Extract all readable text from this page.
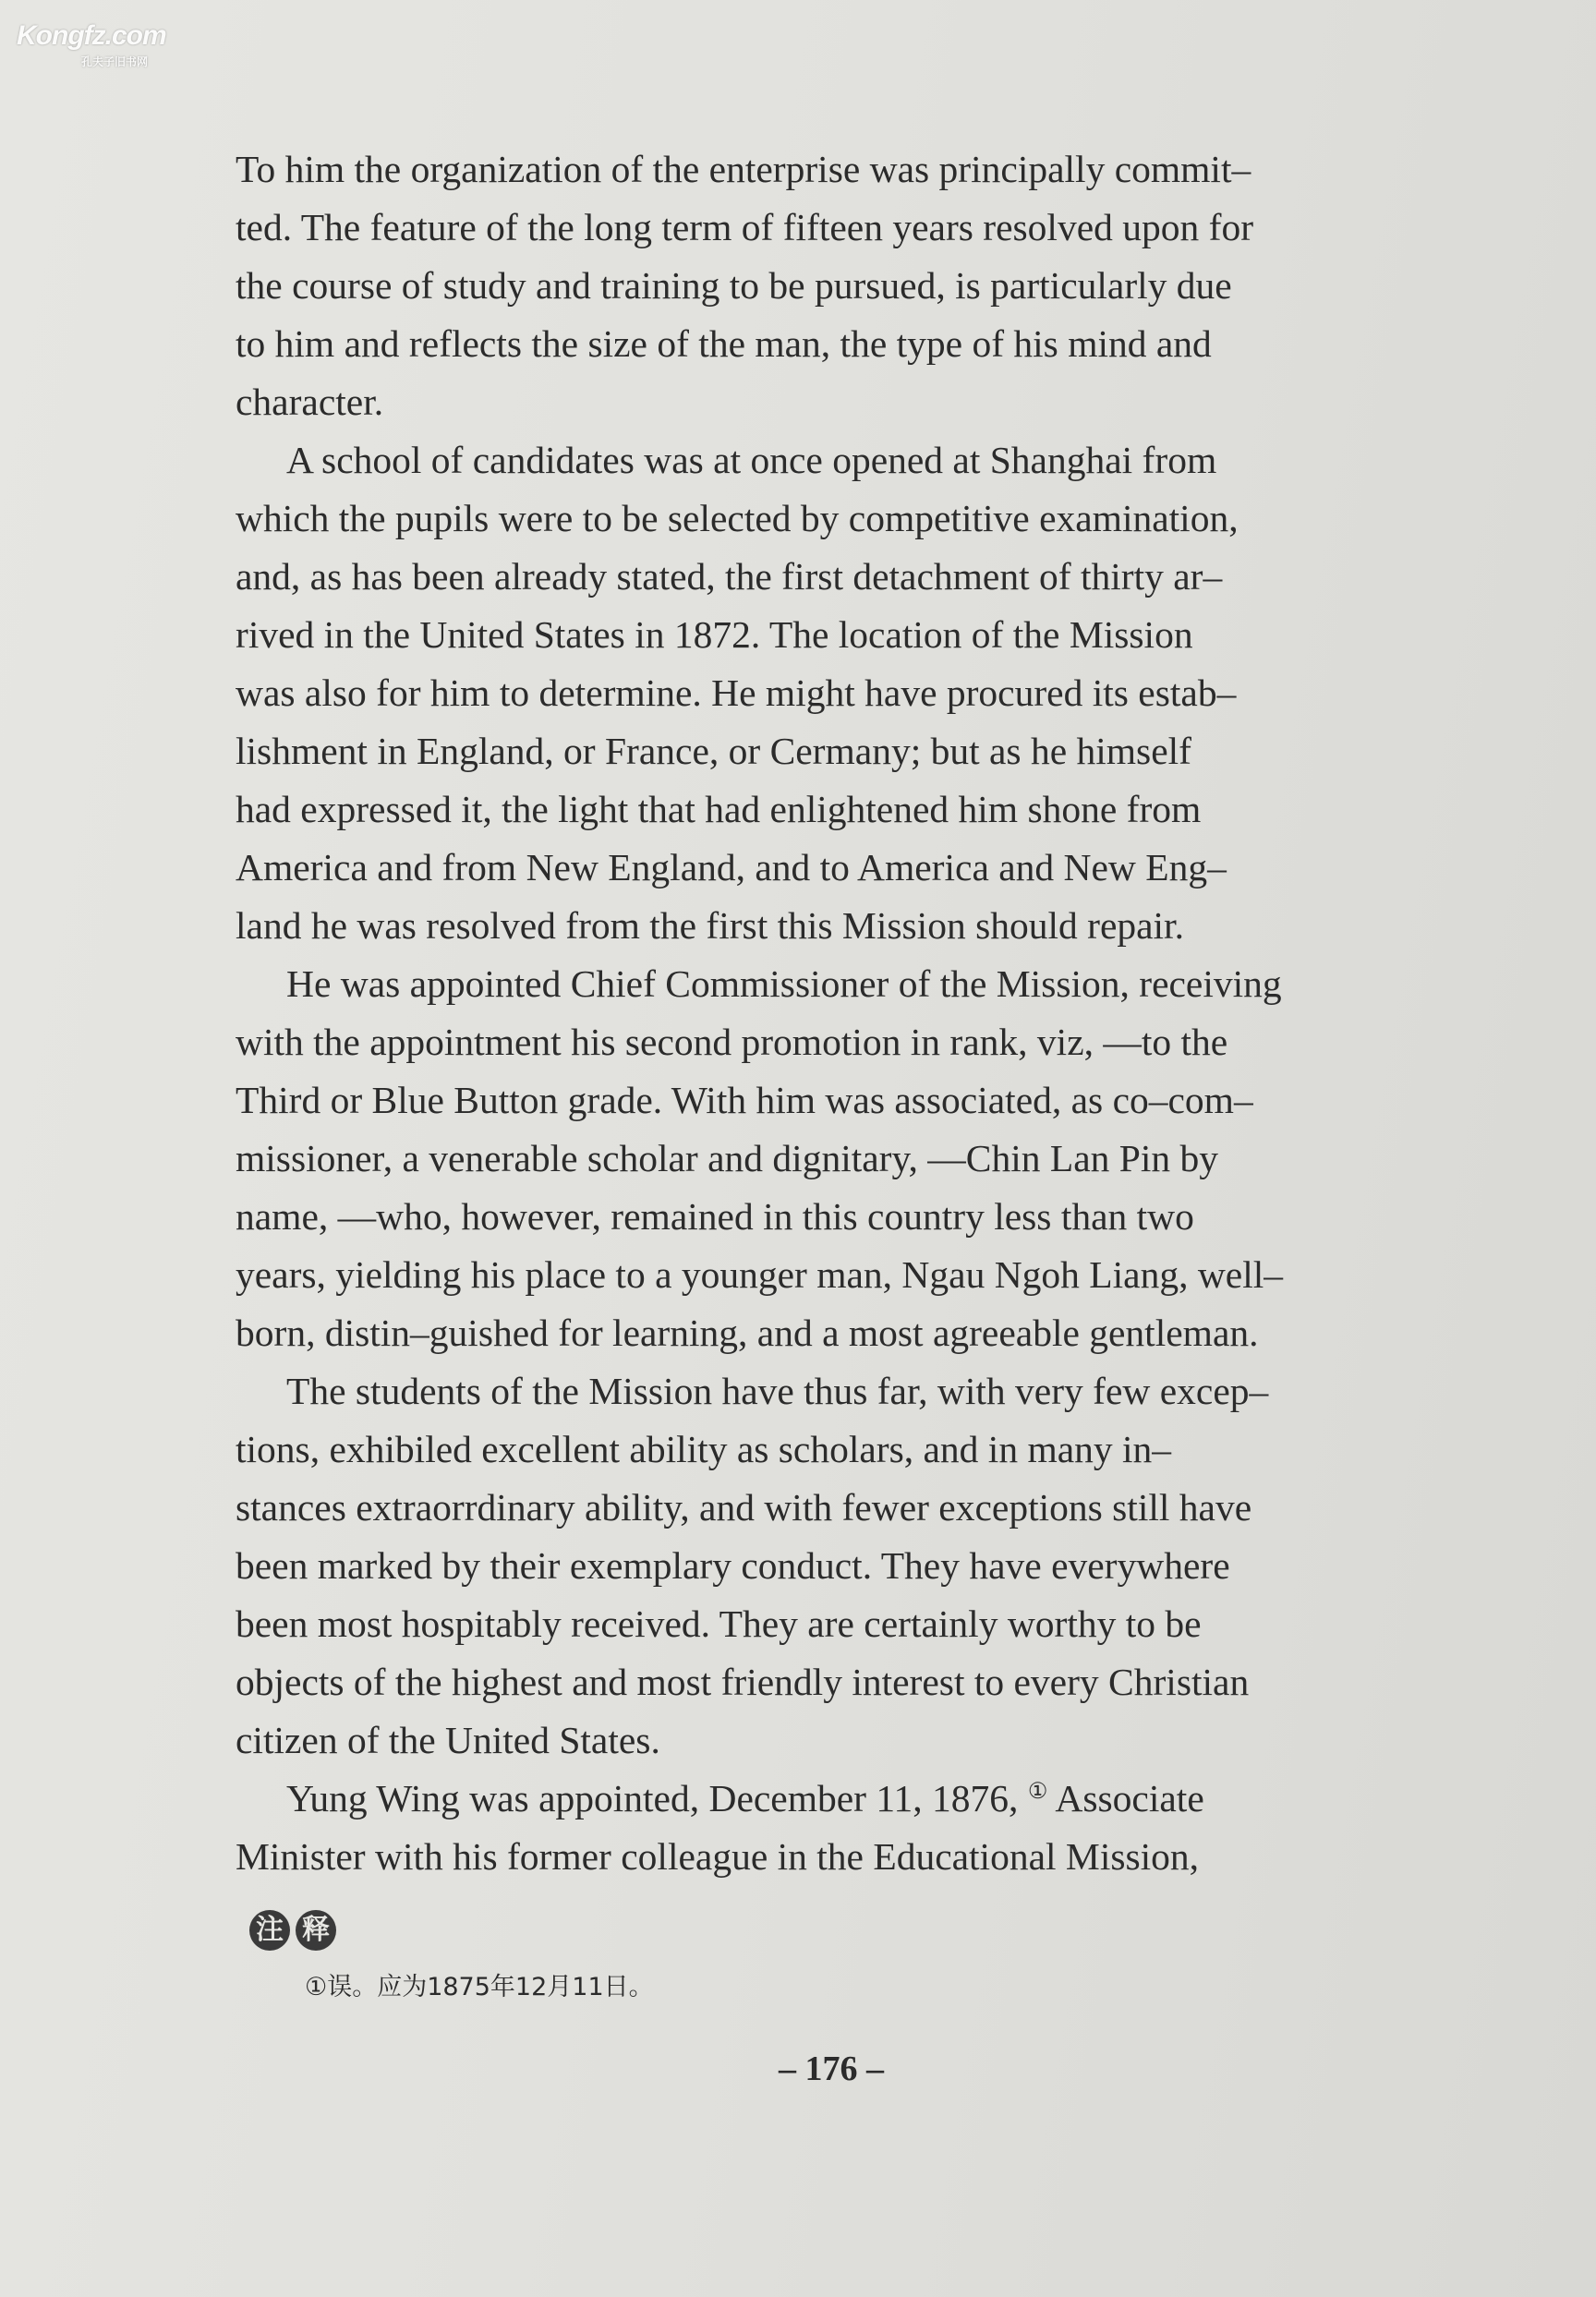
Kongfz.com
孔夫子旧书网

To him the organization of the enterprise was principally commit–
ted. The feature of the long term of fifteen years resolved upon for
the course of study and training to be pursued, is particularly due
to him and reflects the size of the man, the type of his mind and
character.

A school of candidates was at once opened at Shanghai from
which the pupils were to be selected by competitive examination,
and, as has been already stated, the first detachment of thirty ar–
rived in the United States in 1872. The location of the Mission
was also for him to determine. He might have procured its estab–
lishment in England, or France, or Cermany; but as he himself
had expressed it, the light that had enlightened him shone from
America and from New England, and to America and New Eng–
land he was resolved from the first this Mission should repair.

He was appointed Chief Commissioner of the Mission, receiving
with the appointment his second promotion in rank, viz, —to the
Third or Blue Button grade. With him was associated, as co–com–
missioner, a venerable scholar and dignitary, —Chin Lan Pin by
name, —who, however, remained in this country less than two
years, yielding his place to a younger man, Ngau Ngoh Liang, well–
born, distin–guished for learning, and a most agreeable gentleman.

The students of the Mission have thus far, with very few excep–
tions, exhibiled excellent ability as scholars, and in many in–
stances extraorrdinary ability, and with fewer exceptions still have
been marked by their exemplary conduct. They have everywhere
been most hospitably received. They are certainly worthy to be
objects of the highest and most friendly interest to every Christian
citizen of the United States.

Yung Wing was appointed, December 11, 1876, ① Associate
Minister with his former colleague in the Educational Mission,

注 释
①误。应为1875年12月11日。
– 176 –
